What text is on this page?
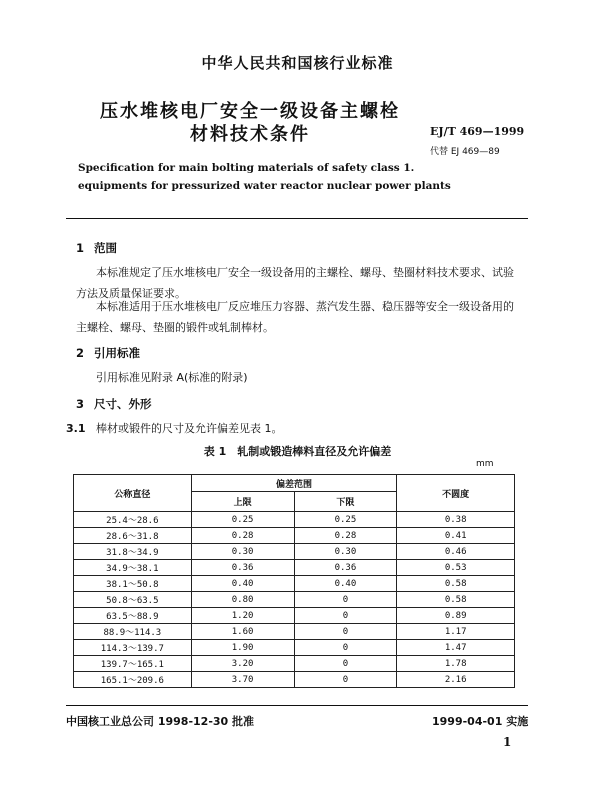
中华人民共和国核行业标准
压水堆核电厂安全一级设备主螺栓
材料技术条件	EJ/T 469—1999
代替 EJ 469—89
Specification for main bolting materials of safety class 1.
equipments for pressurized water reactor nuclear power plants
1 范围
本标准规定了压水堆核电厂安全一级设备用的主螺栓、螺母、垫圈材料技术要求、试验
方法及质量保证要求。
本标准适用于压水堆核电厂反应堆压力容器、蒸汽发生器、稳压器等安全一级设备用的
主螺栓、螺母、垫圈的锻件或轧制棒材。
2 引用标准
引用标准见附录 A(标准的附录)
3 尺寸、外形
3.1 棒材或锻件的尺寸及允许偏差见表 1。
表 1　轧制或锻造棒料直径及允许偏差
mm
公称直径	偏差范围		不圆度
	上限	下限	
25.4～28.6	0.25	0.25	0.38
28.6～31.8	0.28	0.28	0.41
31.8～34.9	0.30	0.30	0.46
34.9～38.1	0.36	0.36	0.53
38.1～50.8	0.40	0.40	0.58
50.8～63.5	0.80	0	0.58
63.5～88.9	1.20	0	0.89
88.9～114.3	1.60	0	1.17
114.3～139.7	1.90	0	1.47
139.7～165.1	3.20	0	1.78
165.1～209.6	3.70	0	2.16
中国核工业总公司 1998-12-30 批准	1999-04-01 实施
1
